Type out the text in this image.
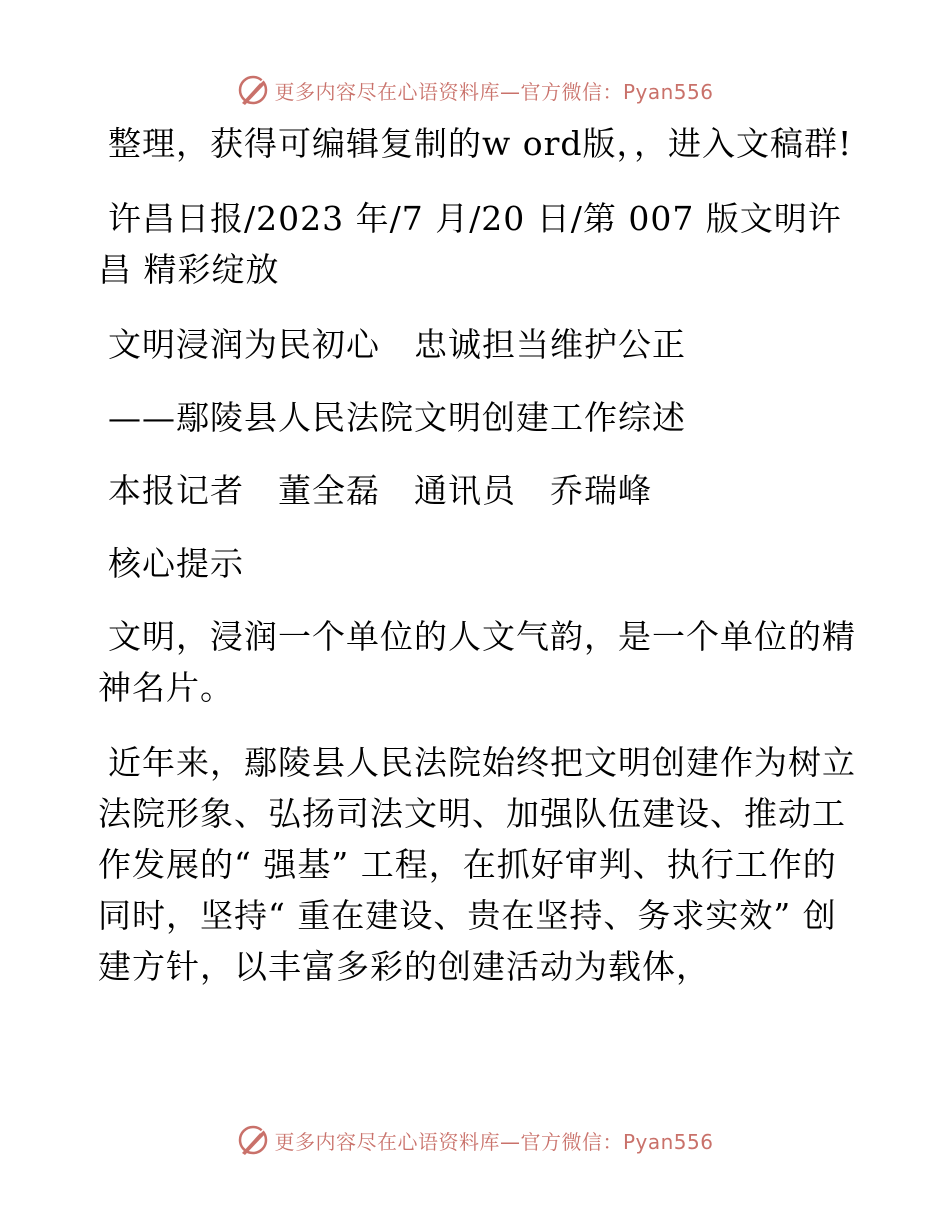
更多内容尽在心语资料库—官方微信：Pyan556

整理，获得可编辑复制的w ord版，，进入文稿群!

许昌日报/2023 年/7 月/20 日/第 007 版文明许昌 精彩绽放

文明浸润为民初心　忠诚担当维护公正

——鄢陵县人民法院文明创建工作综述

本报记者　董全磊　通讯员　乔瑞峰

核心提示

文明，浸润一个单位的人文气韵，是一个单位的精神名片。

近年来，鄢陵县人民法院始终把文明创建作为树立法院形象、弘扬司法文明、加强队伍建设、推动工作发展的“ 强基” 工程，在抓好审判、执行工作的同时，坚持“ 重在建设、贵在坚持、务求实效” 创建方针，以丰富多彩的创建活动为载体，

更多内容尽在心语资料库—官方微信：Pyan556
